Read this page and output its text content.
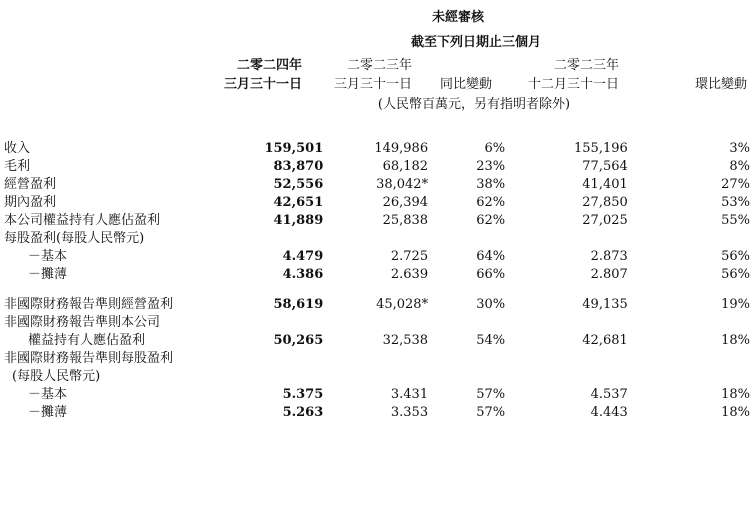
未經審核
截至下列日期止三個月
二零二四年
三月三十一日
二零二三年
三月三十一日	同比變動
二零二三年
十二月三十一日	環比變動
(人民幣百萬元，另有指明者除外)
收入	159,501	149,986	6%	155,196	3%
毛利	83,870	68,182	23%	77,564	8%
經營盈利	52,556	38,042*	38%	41,401	27%
期內盈利	42,651	26,394	62%	27,850	53%
本公司權益持有人應佔盈利	41,889	25,838	62%	27,025	55%
每股盈利(每股人民幣元)					
－基本	4.479	2.725	64%	2.873	56%
－攤薄	4.386	2.639	66%	2.807	56%

非國際財務報告準則經營盈利	58,619	45,028*	30%	49,135	19%
非國際財務報告準則本公司					
權益持有人應佔盈利	50,265	32,538	54%	42,681	18%
非國際財務報告準則每股盈利					
(每股人民幣元)					
－基本	5.375	3.431	57%	4.537	18%
－攤薄	5.263	3.353	57%	4.443	18%
